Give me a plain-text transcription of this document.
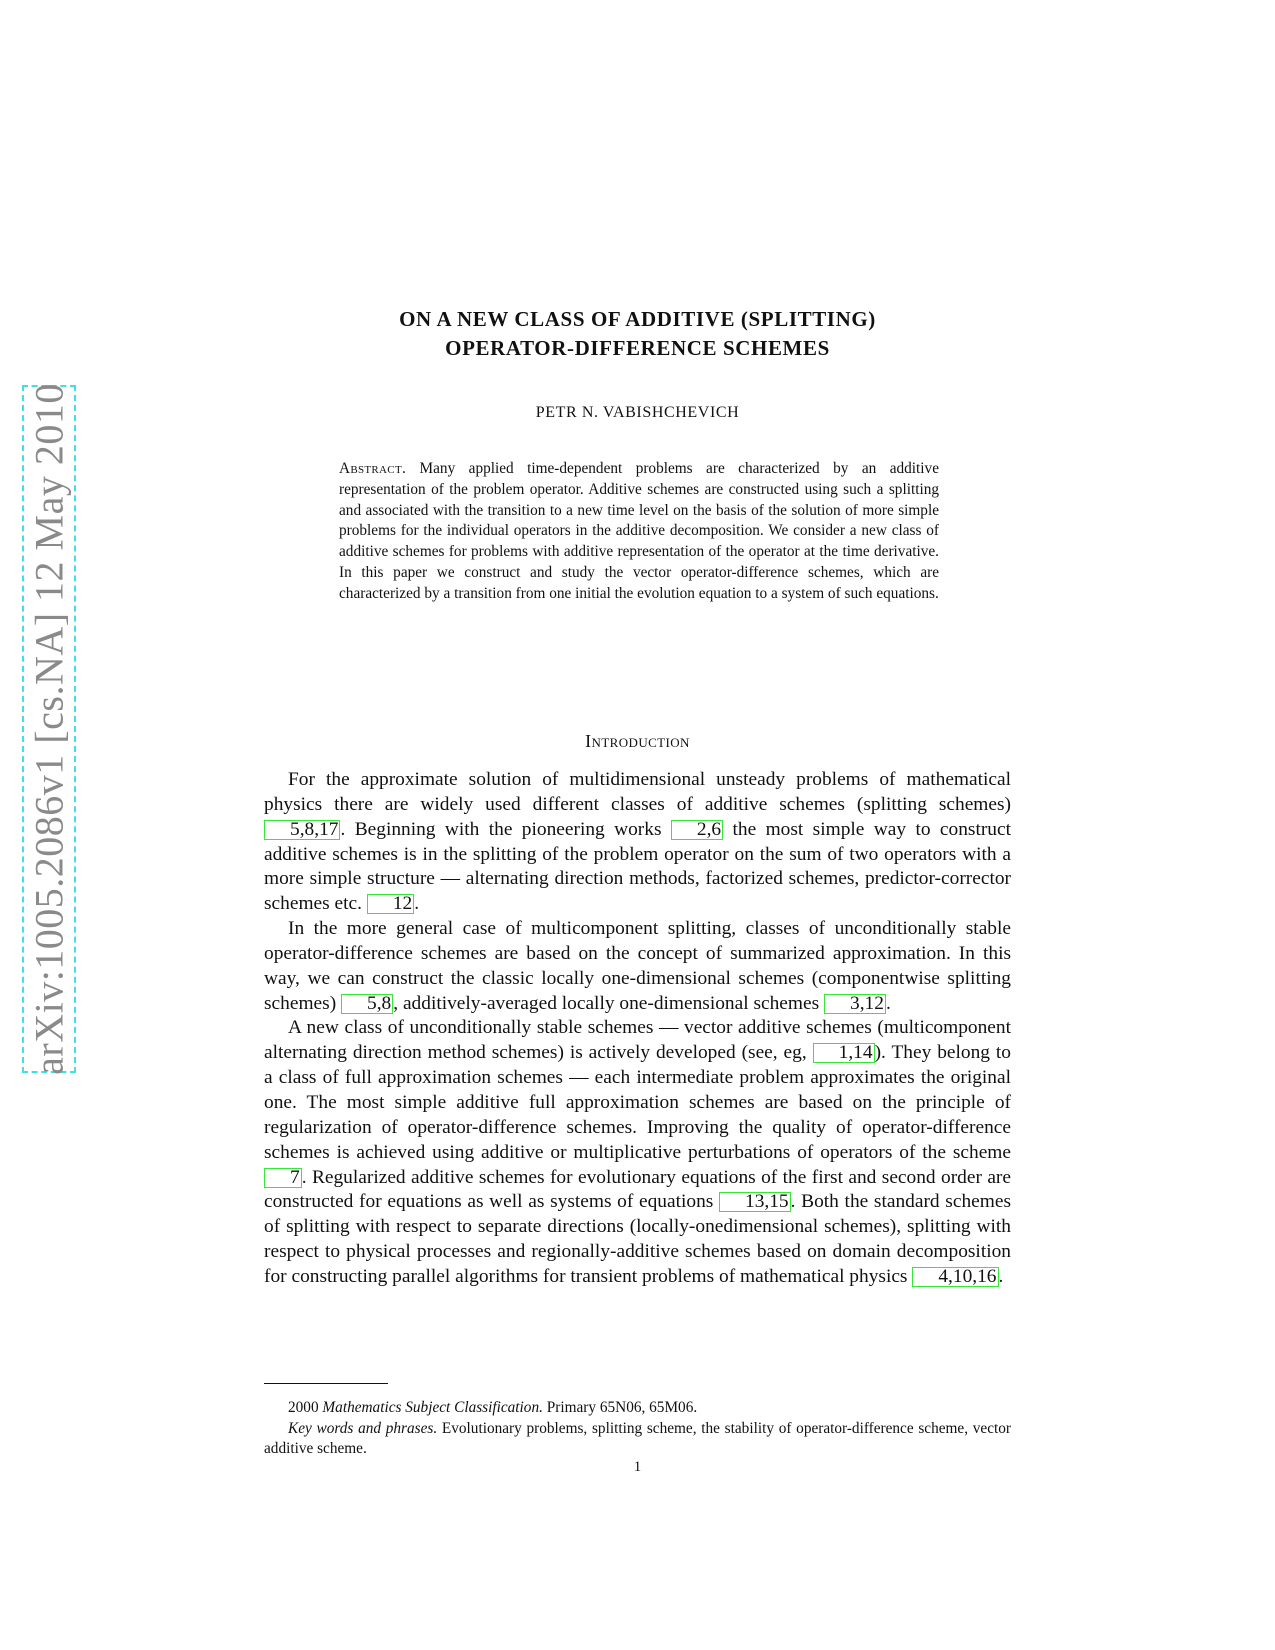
arXiv:1005.2086v1 [cs.NA] 12 May 2010
ON A NEW CLASS OF ADDITIVE (SPLITTING)
OPERATOR-DIFFERENCE SCHEMES
PETR N. VABISHCHEVICH
Abstract. Many applied time-dependent problems are characterized by an additive representation of the problem operator. Additive schemes are constructed using such a splitting and associated with the transition to a new time level on the basis of the solution of more simple problems for the individual operators in the additive decomposition. We consider a new class of additive schemes for problems with additive representation of the operator at the time derivative. In this paper we construct and study the vector operator-difference schemes, which are characterized by a transition from one initial the evolution equation to a system of such equations.
Introduction

For the approximate solution of multidimensional unsteady problems of mathematical physics there are widely used different classes of additive schemes (splitting schemes) 5,8,17 . Beginning with the pioneering works 2,6 the most simple way to construct additive schemes is in the splitting of the problem operator on the sum of two operators with a more simple structure — alternating direction methods, factorized schemes, predictor-corrector schemes etc. 12 .

In the more general case of multicomponent splitting, classes of unconditionally stable operator-difference schemes are based on the concept of summarized approximation. In this way, we can construct the classic locally one-dimensional schemes (componentwise splitting schemes) 5,8 , additively-averaged locally one-dimensional schemes 3,12 .

A new class of unconditionally stable schemes — vector additive schemes (multicomponent alternating direction method schemes) is actively developed (see, eg, 1,14 ). They belong to a class of full approximation schemes — each intermediate problem approximates the original one. The most simple additive full approximation schemes are based on the principle of regularization of operator-difference schemes. Improving the quality of operator-difference schemes is achieved using additive or multiplicative perturbations of operators of the scheme 7 . Regularized additive schemes for evolutionary equations of the first and second order are constructed for equations as well as systems of equations 13,15 . Both the standard schemes of splitting with respect to separate directions (locally-onedimensional schemes), splitting with respect to physical processes and regionally-additive schemes based on domain decomposition for constructing parallel algorithms for transient problems of mathematical physics 4,10,16 .

2000 Mathematics Subject Classification. Primary 65N06, 65M06.

Key words and phrases. Evolutionary problems, splitting scheme, the stability of operator-difference scheme, vector additive scheme.

1
